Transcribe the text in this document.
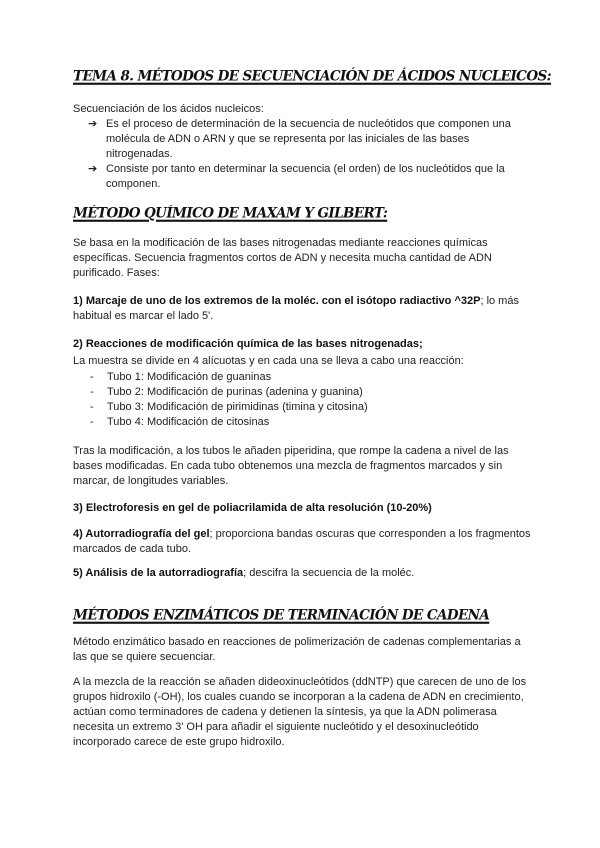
TEMA 8. MÉTODOS DE SECUENCIACIÓN DE ÁCIDOS NUCLEICOS:

Secuenciación de los ácidos nucleicos:

➔ Es el proceso de determinación de la secuencia de nucleótidos que componen una molécula de ADN o ARN y que se representa por las iniciales de las bases nitrogenadas.
➔ Consiste por tanto en determinar la secuencia (el orden) de los nucleótidos que la componen.
MÉTODO QUÍMICO DE MAXAM Y GILBERT:

Se basa en la modificación de las bases nitrogenadas mediante reacciones químicas específicas. Secuencia fragmentos cortos de ADN y necesita mucha cantidad de ADN purificado. Fases:

1) Marcaje de uno de los extremos de la moléc. con el isótopo radiactivo ^32P; lo más habitual es marcar el lado 5'.

2) Reacciones de modificación química de las bases nitrogenadas;

La muestra se divide en 4 alícuotas y en cada una se lleva a cabo una reacción:

- Tubo 1: Modificación de guaninas
- Tubo 2: Modificación de purinas (adenina y guanina)
- Tubo 3: Modificación de pirimidinas (timina y citosina)
- Tubo 4: Modificación de citosinas

Tras la modificación, a los tubos le añaden piperidina, que rompe la cadena a nivel de las bases modificadas. En cada tubo obtenemos una mezcla de fragmentos marcados y sin marcar, de longitudes variables.

3) Electroforesis en gel de poliacrilamida de alta resolución (10-20%)

4) Autorradiografía del gel; proporciona bandas oscuras que corresponden a los fragmentos marcados de cada tubo.

5) Análisis de la autorradiografía; descifra la secuencia de la moléc.

MÉTODOS ENZIMÁTICOS DE TERMINACIÓN DE CADENA

Método enzimático basado en reacciones de polimerización de cadenas complementarias a las que se quiere secuenciar.

A la mezcla de la reacción se añaden dideoxinucleótidos (ddNTP) que carecen de uno de los grupos hidroxilo (-OH), los cuales cuando se incorporan a la cadena de ADN en crecimiento, actúan como terminadores de cadena y detienen la síntesis, ya que la ADN polimerasa necesita un extremo 3' OH para añadir el siguiente nucleótido y el desoxinucleótido incorporado carece de este grupo hidroxilo.
